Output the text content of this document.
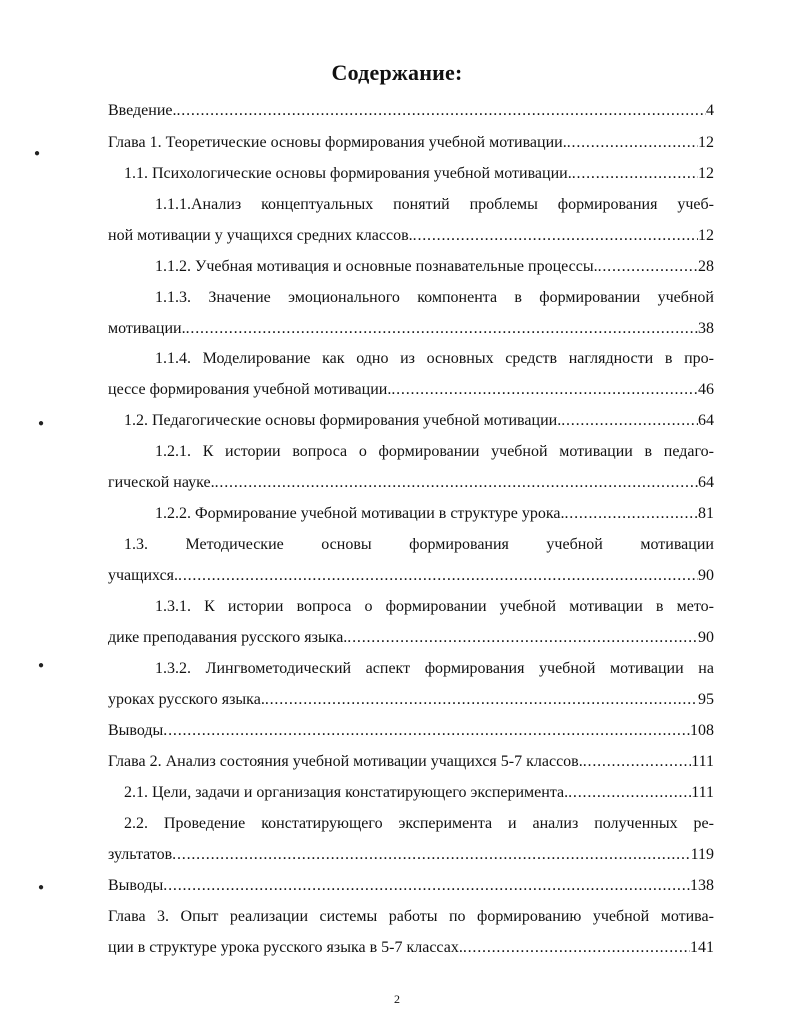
Содержание:
Введение. . . .	4
Глава 1. Теоретические основы формирования учебной мотивации. . . .	12
1.1. Психологические основы формирования учебной мотивации. . . .	12
1.1.1.Анализ концептуальных понятий проблемы формирования учеб-
ной мотивации у учащихся средних классов. . . .	12
1.1.2. Учебная мотивация и основные познавательные процессы. . . .	28
1.1.3. Значение эмоционального компонента в формировании учебной
мотивации. . . .	38
1.1.4. Моделирование как одно из основных средств наглядности в про-
цессе формирования учебной мотивации. . . .	46
1.2. Педагогические основы формирования учебной мотивации. . . .	64
1.2.1. К истории вопроса о формировании учебной мотивации в педаго-
гической науке. . . .	64
1.2.2. Формирование учебной мотивации в структуре урока. . . .	81
1.3. Методические основы формирования учебной мотивации
учащихся. . . .	90
1.3.1. К истории вопроса о формировании учебной мотивации в мето-
дике преподавания русского языка. . . .	90
1.3.2. Лингвометодический аспект формирования учебной мотивации на
уроках русского языка. . . .	95
Выводы . . .	108
Глава 2. Анализ состояния учебной мотивации учащихся 5-7 классов. . . .	111
2.1. Цели, задачи и организация констатирующего эксперимента. . . .	111
2.2. Проведение констатирующего эксперимента и анализ полученных ре-
зультатов . . .	119
Выводы . . .	138
Глава 3. Опыт реализации системы работы по формированию учебной мотива-
ции в структуре урока русского языка в 5-7 классах. . . .	141
2
●
●
●
●
